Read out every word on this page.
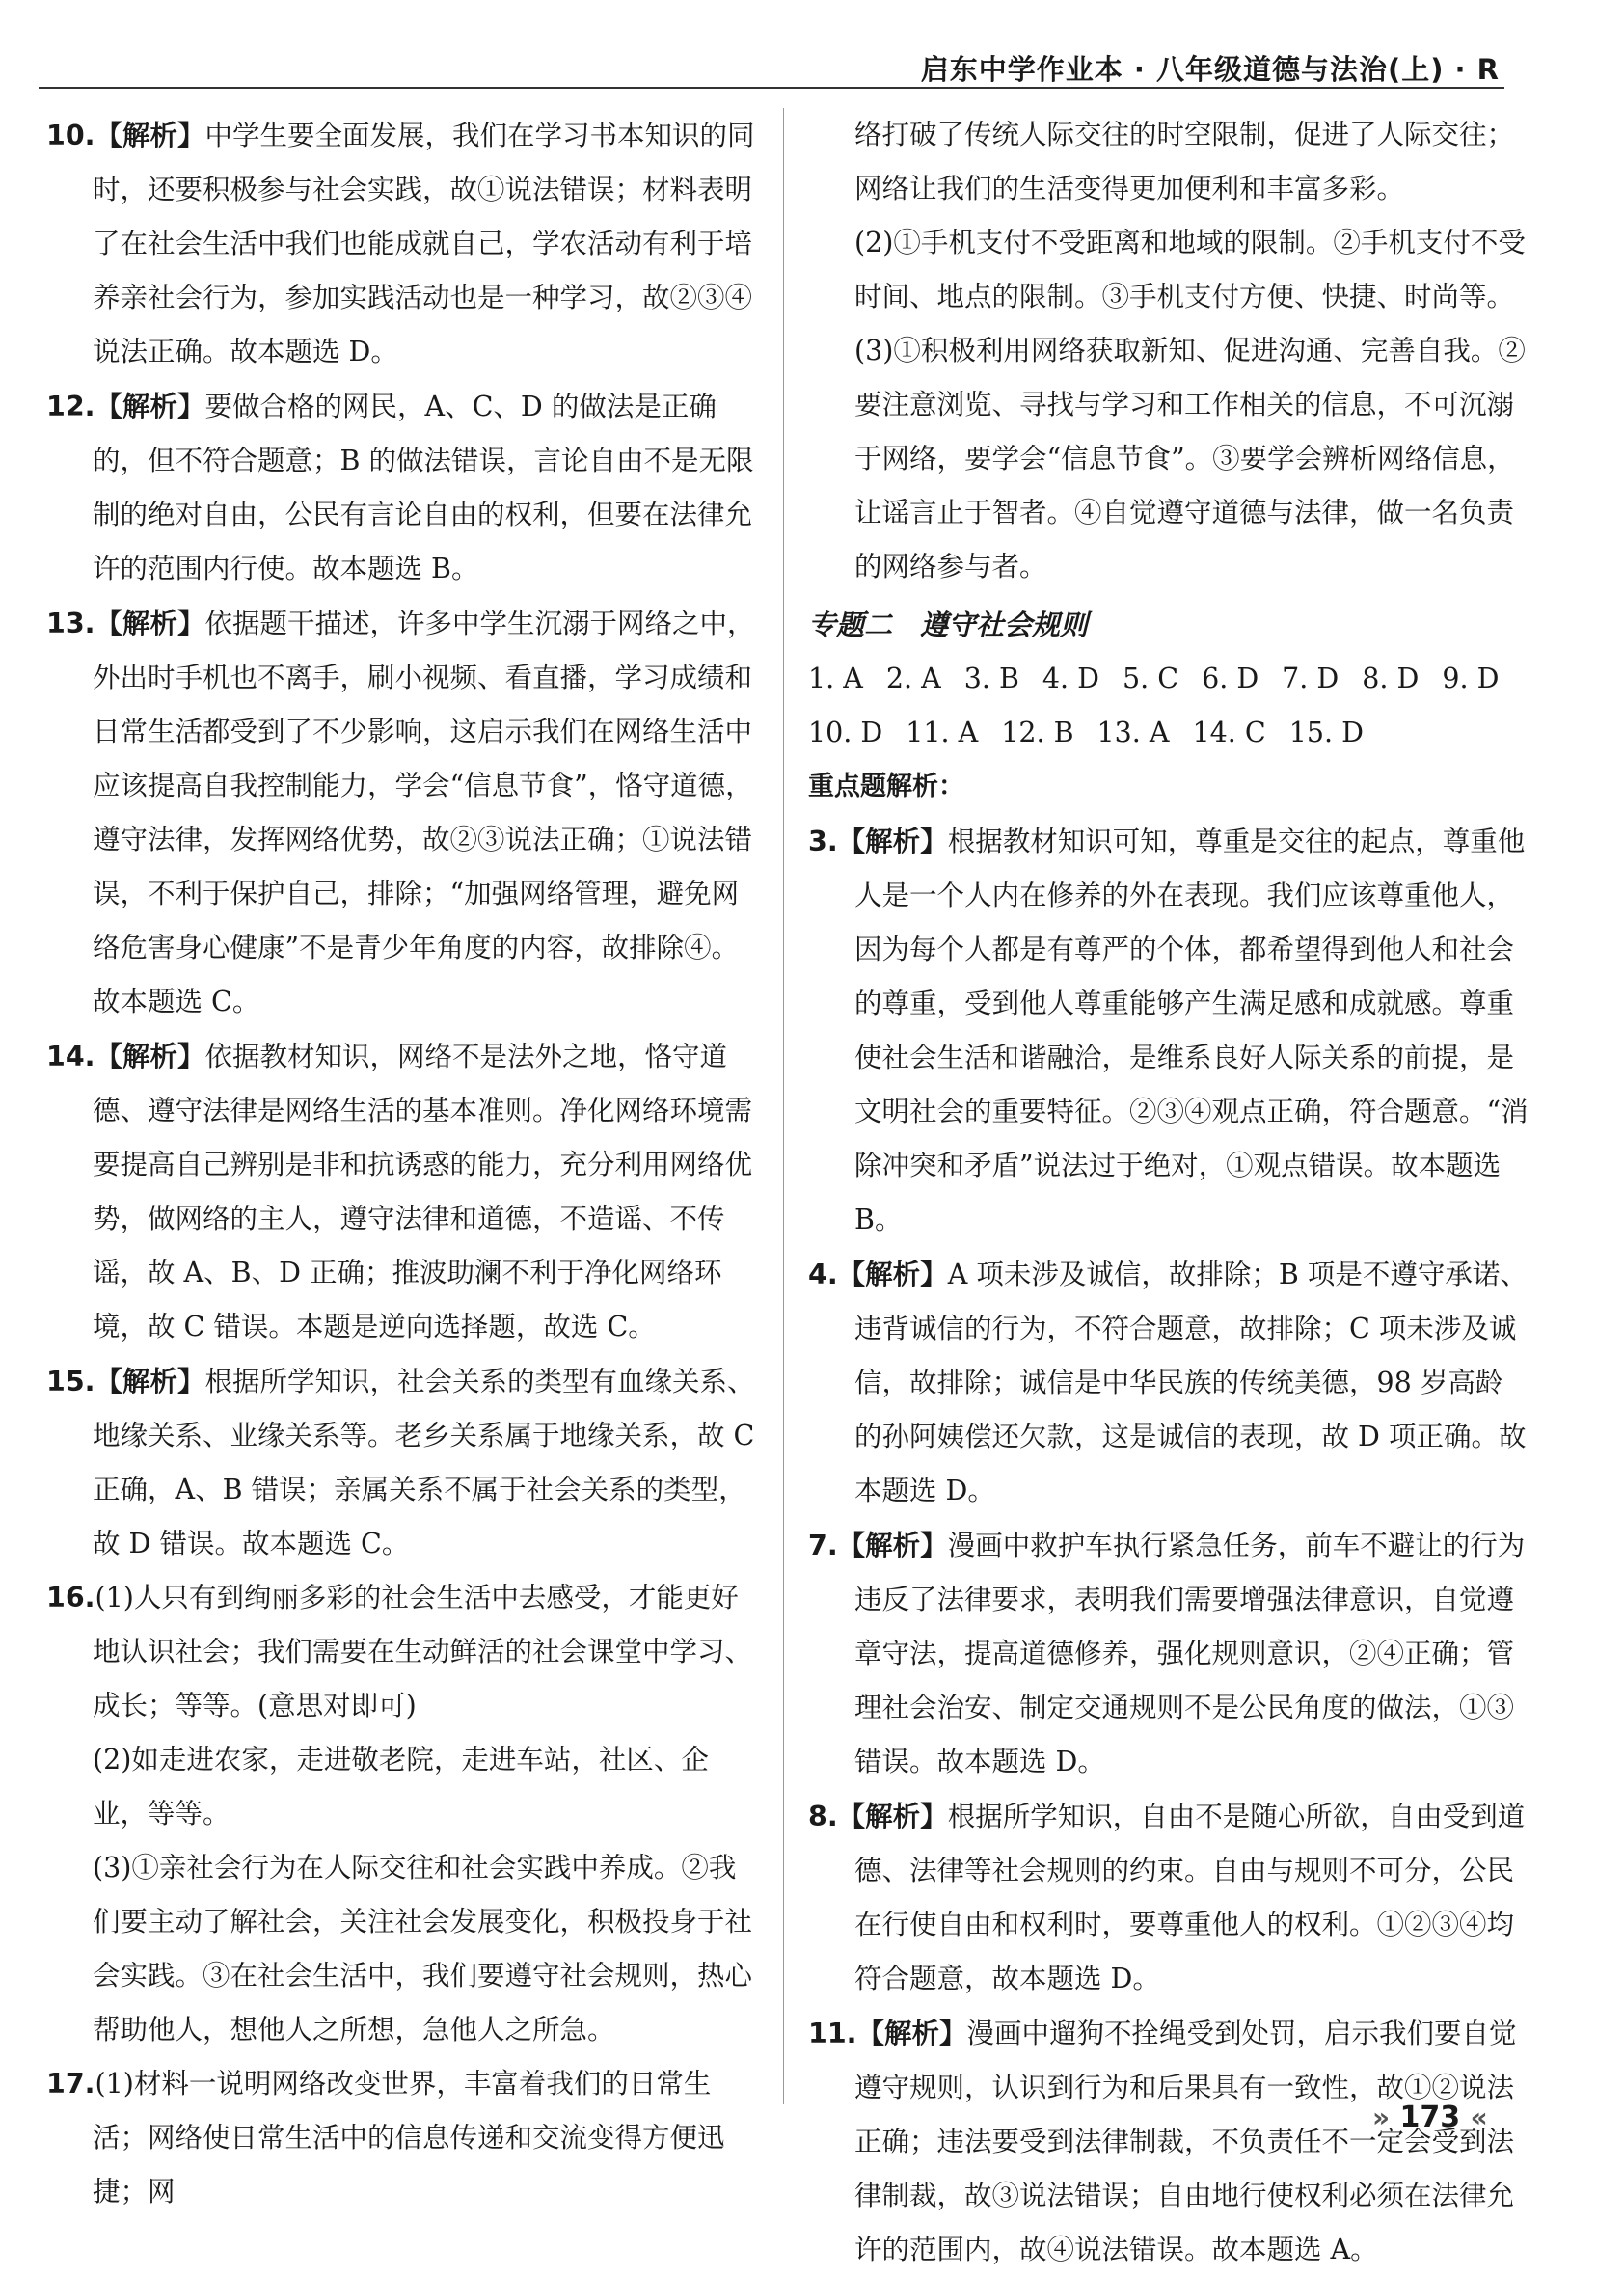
启东中学作业本 · 八年级道德与法治(上) · R
10.【解析】中学生要全面发展，我们在学习书本知识的同时，还要积极参与社会实践，故①说法错误；材料表明了在社会生活中我们也能成就自己，学农活动有利于培养亲社会行为，参加实践活动也是一种学习，故②③④说法正确。故本题选 D。
12.【解析】要做合格的网民，A、C、D 的做法是正确的，但不符合题意；B 的做法错误，言论自由不是无限制的绝对自由，公民有言论自由的权利，但要在法律允许的范围内行使。故本题选 B。
13.【解析】依据题干描述，许多中学生沉溺于网络之中，外出时手机也不离手，刷小视频、看直播，学习成绩和日常生活都受到了不少影响，这启示我们在网络生活中应该提高自我控制能力，学会“信息节食”，恪守道德，遵守法律，发挥网络优势，故②③说法正确；①说法错误，不利于保护自己，排除；“加强网络管理，避免网络危害身心健康”不是青少年角度的内容，故排除④。故本题选 C。
14.【解析】依据教材知识，网络不是法外之地，恪守道德、遵守法律是网络生活的基本准则。净化网络环境需要提高自己辨别是非和抗诱惑的能力，充分利用网络优势，做网络的主人，遵守法律和道德，不造谣、不传谣，故 A、B、D 正确；推波助澜不利于净化网络环境，故 C 错误。本题是逆向选择题，故选 C。
15.【解析】根据所学知识，社会关系的类型有血缘关系、地缘关系、业缘关系等。老乡关系属于地缘关系，故 C 正确，A、B 错误；亲属关系不属于社会关系的类型，故 D 错误。故本题选 C。
16.(1)人只有到绚丽多彩的社会生活中去感受，才能更好地认识社会；我们需要在生动鲜活的社会课堂中学习、成长；等等。(意思对即可)
(2)如走进农家，走进敬老院，走进车站，社区、企业，等等。
(3)①亲社会行为在人际交往和社会实践中养成。②我们要主动了解社会，关注社会发展变化，积极投身于社会实践。③在社会生活中，我们要遵守社会规则，热心帮助他人，想他人之所想，急他人之所急。
17.(1)材料一说明网络改变世界，丰富着我们的日常生活；网络使日常生活中的信息传递和交流变得方便迅捷；网
络打破了传统人际交往的时空限制，促进了人际交往；网络让我们的生活变得更加便利和丰富多彩。
(2)①手机支付不受距离和地域的限制。②手机支付不受时间、地点的限制。③手机支付方便、快捷、时尚等。
(3)①积极利用网络获取新知、促进沟通、完善自我。②要注意浏览、寻找与学习和工作相关的信息，不可沉溺于网络，要学会“信息节食”。③要学会辨析网络信息，让谣言止于智者。④自觉遵守道德与法律，做一名负责的网络参与者。
专题二　遵守社会规则
1. A 2. A 3. B 4. D 5. C 6. D 7. D 8. D 9. D
10. D 11. A 12. B 13. A 14. C 15. D
重点题解析：
3.【解析】根据教材知识可知，尊重是交往的起点，尊重他人是一个人内在修养的外在表现。我们应该尊重他人，因为每个人都是有尊严的个体，都希望得到他人和社会的尊重，受到他人尊重能够产生满足感和成就感。尊重使社会生活和谐融洽，是维系良好人际关系的前提，是文明社会的重要特征。②③④观点正确，符合题意。“消除冲突和矛盾”说法过于绝对，①观点错误。故本题选 B。
4.【解析】A 项未涉及诚信，故排除；B 项是不遵守承诺、违背诚信的行为，不符合题意，故排除；C 项未涉及诚信，故排除；诚信是中华民族的传统美德，98 岁高龄的孙阿姨偿还欠款，这是诚信的表现，故 D 项正确。故本题选 D。
7.【解析】漫画中救护车执行紧急任务，前车不避让的行为违反了法律要求，表明我们需要增强法律意识，自觉遵章守法，提高道德修养，强化规则意识，②④正确；管理社会治安、制定交通规则不是公民角度的做法，①③错误。故本题选 D。
8.【解析】根据所学知识，自由不是随心所欲，自由受到道德、法律等社会规则的约束。自由与规则不可分，公民在行使自由和权利时，要尊重他人的权利。①②③④均符合题意，故本题选 D。
11.【解析】漫画中遛狗不拴绳受到处罚，启示我们要自觉遵守规则，认识到行为和后果具有一致性，故①②说法正确；违法要受到法律制裁，不负责任不一定会受到法律制裁，故③说法错误；自由地行使权利必须在法律允许的范围内，故④说法错误。故本题选 A。
» 173 «
